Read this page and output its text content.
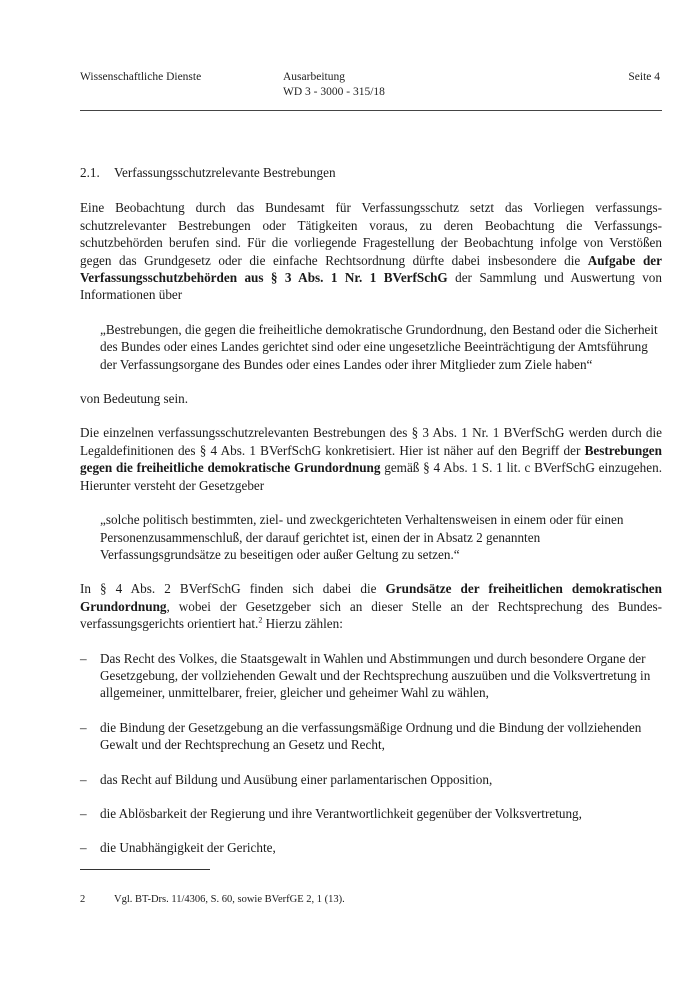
Wissenschaftliche Dienste	Ausarbeitung
WD 3 - 3000 - 315/18
Seite 4
2.1.	Verfassungsschutzrelevante Bestrebungen

Eine Beobachtung durch das Bundesamt für Verfassungsschutz setzt das Vorliegen verfassungsschutzrelevanter Bestrebungen oder Tätigkeiten voraus, zu deren Beobachtung die Verfassungsschutzbehörden berufen sind. Für die vorliegende Fragestellung der Beobachtung infolge von Verstößen gegen das Grundgesetz oder die einfache Rechtsordnung dürfte dabei insbesondere die Aufgabe der Verfassungsschutzbehörden aus § 3 Abs. 1 Nr. 1 BVerfSchG der Sammlung und Auswertung von Informationen über

„Bestrebungen, die gegen die freiheitliche demokratische Grundordnung, den Bestand oder die Sicherheit des Bundes oder eines Landes gerichtet sind oder eine ungesetzliche Beeinträchtigung der Amtsführung der Verfassungsorgane des Bundes oder eines Landes oder ihrer Mitglieder zum Ziele haben“

von Bedeutung sein.

Die einzelnen verfassungsschutzrelevanten Bestrebungen des § 3 Abs. 1 Nr. 1 BVerfSchG werden durch die Legaldefinitionen des § 4 Abs. 1 BVerfSchG konkretisiert. Hier ist näher auf den Begriff der Bestrebungen gegen die freiheitliche demokratische Grundordnung gemäß § 4 Abs. 1 S. 1 lit. c BVerfSchG einzugehen. Hierunter versteht der Gesetzgeber

„solche politisch bestimmten, ziel- und zweckgerichteten Verhaltensweisen in einem oder für einen Personenzusammenschluß, der darauf gerichtet ist, einen der in Absatz 2 genannten Verfassungsgrundsätze zu beseitigen oder außer Geltung zu setzen.“

In § 4 Abs. 2 BVerfSchG finden sich dabei die Grundsätze der freiheitlichen demokratischen Grundordnung, wobei der Gesetzgeber sich an dieser Stelle an der Rechtsprechung des Bundesverfassungsgerichts orientiert hat.$^2$ Hierzu zählen:

– Das Recht des Volkes, die Staatsgewalt in Wahlen und Abstimmungen und durch besondere Organe der Gesetzgebung, der vollziehenden Gewalt und der Rechtsprechung auszuüben und die Volksvertretung in allgemeiner, unmittelbarer, freier, gleicher und geheimer Wahl zu wählen,
– die Bindung der Gesetzgebung an die verfassungsmäßige Ordnung und die Bindung der vollziehenden Gewalt und der Rechtsprechung an Gesetz und Recht,
– das Recht auf Bildung und Ausübung einer parlamentarischen Opposition,
– die Ablösbarkeit der Regierung und ihre Verantwortlichkeit gegenüber der Volksvertretung,
– die Unabhängigkeit der Gerichte,
2	Vgl. BT-Drs. 11/4306, S. 60, sowie BVerfGE 2, 1 (13).
